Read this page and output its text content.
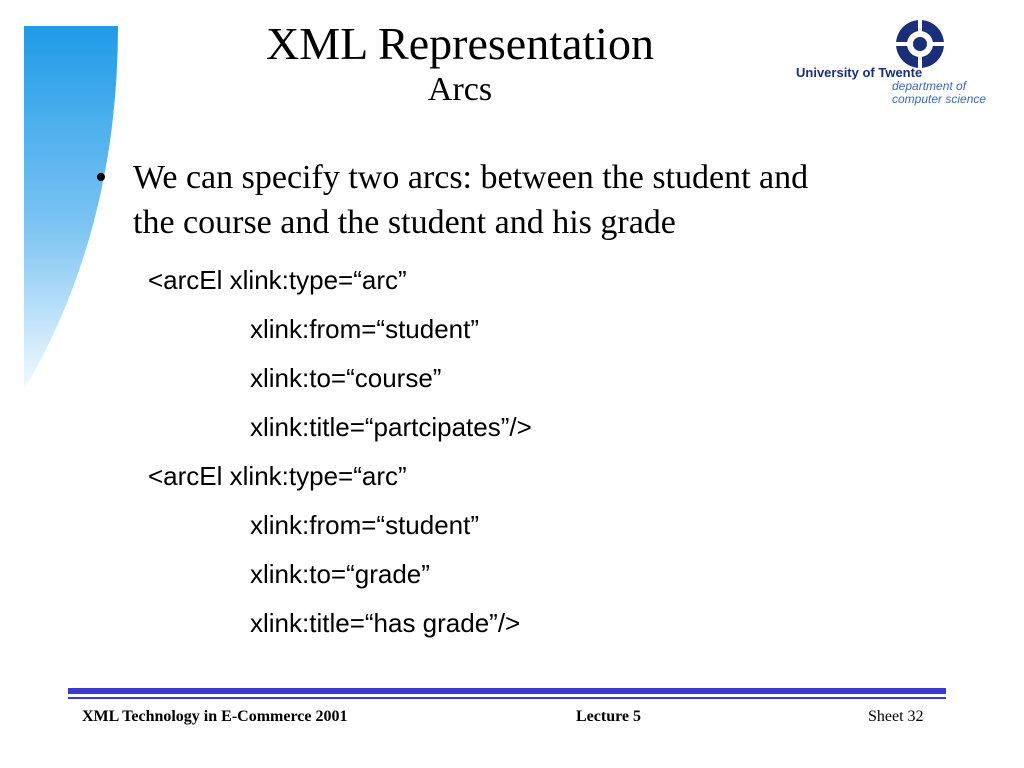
XML Representation
Arcs	University of Twente
department of
computer science
• We can specify two arcs: between the student and
the course and the student and his grade
<arcEl xlink:type=“arc”
xlink:from=“student”
xlink:to=“course”
xlink:title=“partcipates”/>
<arcEl xlink:type=“arc”
xlink:from=“student”
xlink:to=“grade”
xlink:title=“has grade”/>
XML Technology in E-Commerce 2001	Lecture 5	Sheet 32
